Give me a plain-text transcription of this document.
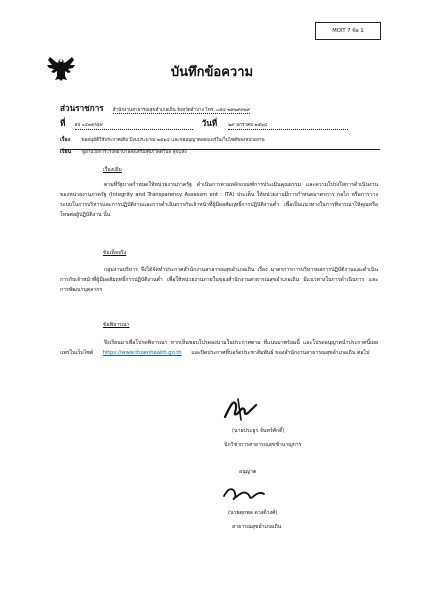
MOIT 7 ข้อ 1
บันทึกข้อความ
ส่วนราชการ สำนักงานสาธารณสุขอำเภอเถิน จังหวัดลำปาง โทร. ๐๕๔-๒๙๒๙๙๒๙
ที่ ลป ๐๔๓๙/๕๙	วันที่ ๒๙ มกราคม ๒๕๖๔
เรื่อง ขออนุมัติใช้ประกาศเดิม ปีงบประมาณ ๒๕๖๔ และขออนุญาตเผยแพร่ในเว็บไซต์ของหน่วยงาน
เรียน ผู้อำนวยการโรงพยาบาลส่งเสริมสุขภาพตำบล ทุกแห่ง
เรื่องเดิม
ตามที่รัฐบาลกำหนดให้หน่วยงานภาครัฐ ดำเนินการตามหลักเกณฑ์การประเมินคุณธรรม และความโปร่งใสการดำเนินงานของหน่วยงานภาครัฐ (Integrity and Transparency Assessm ent : ITA) ประเด็น ให้หน่วยงานมีการกำหนดมาตรการ กลไก หรือการวางระบบในการบริหารและการปฏิบัติงานและการดำเนินการกับเจ้าหน้าที่ผู้มีผลสัมฤทธิ์การปฏิบัติงานต่ำ เพื่อเป็นแนวทางในการพิจารณาให้คุณหรือโทษต่อผู้ปฏิบัติงาน นั้น
ข้อเท็จจริง
กลุ่มงานบริหาร จึงได้จัดทำประกาศสำนักงานสาธารณสุขอำเภอเถิน เรื่อง มาตรการการบริหารผลการปฏิบัติงานและดำเนินการกับเจ้าหน้าที่ผู้มีผลสัมฤทธิ์การปฏิบัติงานต่ำ เพื่อให้หน่วยงานภายในของสำนักงานสาธารณสุขอำเภอเถิน มีแนวทางในการดำเนินการ และการพัฒนาบุคลากร
ข้อพิจารณา
จึงเรียนมาเพื่อโปรดพิจารณา หากเห็นชอบโปรดลงนามในประกาศตาม ที่แนบมาพร้อมนี้ และโปรดอนุญาตนำประกาศนี้เผยแพร่ในเว็บไซต์ https://www.thoenhealth.go.th และปิดประกาศที่บอร์ดประชาสัมพันธ์ ของสำนักงานสาธารณสุขอำเภอเถิน ต่อไป
(นายประยูร จันทร์ศักดิ์)
นักวิชาการสาธารณสุขชำนาญการ
อนุญาต
(นายศุภพล ดวงดีวงศ์)
สาธารณสุขอำเภอเถิน
